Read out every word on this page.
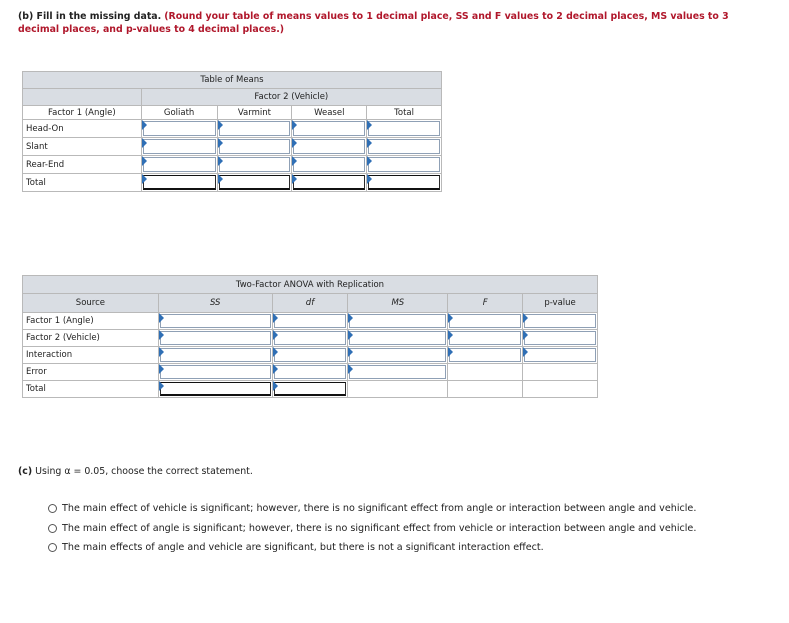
(b) Fill in the missing data. (Round your table of means values to 1 decimal place, SS and F values to 2 decimal places, MS values to 3 decimal places, and p-values to 4 decimal places.)
Table of Means				
	Factor 2 (Vehicle)			
Factor 1 (Angle)	Goliath	Varmint	Weasel	Total
Head-On	

Slant	

Rear-End	

Total	

Two-Factor ANOVA with Replication					
Source	SS	df	MS	F	p-value
Factor 1 (Angle)	

Factor 2 (Vehicle)	

Interaction	

Error	

Total	

(c) Using α = 0.05, choose the correct statement.
The main effect of vehicle is significant; however, there is no significant effect from angle or interaction between angle and vehicle.
The main effect of angle is significant; however, there is no significant effect from vehicle or interaction between angle and vehicle.
The main effects of angle and vehicle are significant, but there is not a significant interaction effect.
